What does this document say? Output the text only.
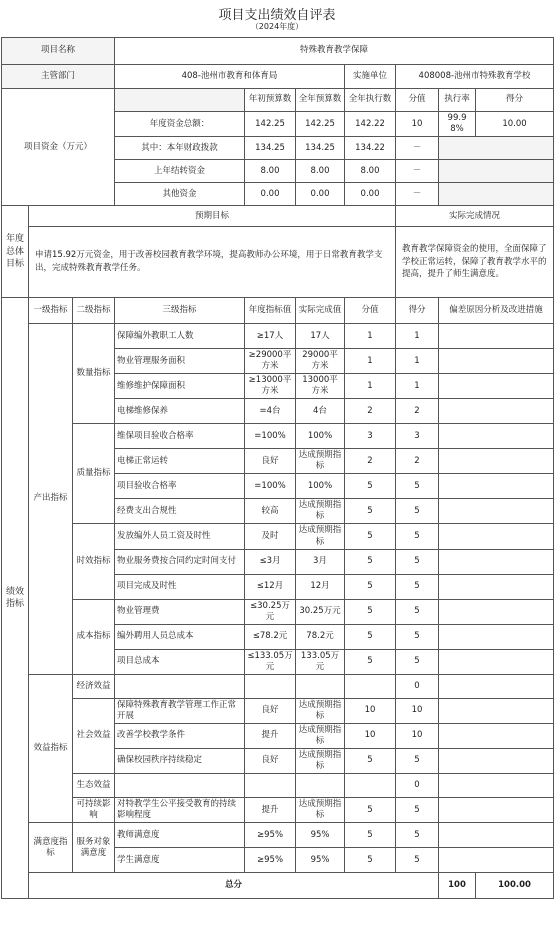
项目支出绩效自评表
（2024年度）
项目名称			特殊教育教学保障							
主管部门			408-池州市教育和体育局			实施单位	408008-池州市特殊教育学校			
项目资金（万元）				年初预算数	全年预算数	全年执行数	分值	执行率	得分	
			年度资金总额：	142.25	142.25	142.22	10	99.98%	10.00	
			其中：本年财政拨款	134.25	134.25	134.22	－			
			上年结转资金	8.00	8.00	8.00	－			
			其他资金	0.00	0.00	0.00	－			
年度总体目标	预期目标						实际完成情况			
	申请15.92万元资金，用于改善校园教育教学环境，提高教师办公环境，用于日常教育教学支出，完成特殊教育教学任务。						教育教学保障资金的使用，全面保障了学校正常运转，保障了教育教学水平的提高，提升了师生满意度。			
绩效指标	一级指标	二级指标	三级指标	年度指标值	实际完成值	分值	得分	偏差原因分析及改进措施		
	产出指标	数量指标	保障编外教职工人数	≥17人	17人	1	1			
			物业管理服务面积	≥29000平方米	29000平方米	1	1			
			维修维护保障面积	≥13000平方米	13000平方米	1	1			
			电梯维修保养	=4台	4台	2	2			
		质量指标	维保项目验收合格率	=100%	100%	3	3			
			电梯正常运转	良好	达成预期指标	2	2			
			项目验收合格率	=100%	100%	5	5			
			经费支出合规性	较高	达成预期指标	5	5			
		时效指标	发放编外人员工资及时性	及时	达成预期指标	5	5			
			物业服务费按合同约定时间支付	≤3月	3月	5	5			
			项目完成及时性	≤12月	12月	5	5			
		成本指标	物业管理费	≤30.25万元	30.25万元	5	5			
			编外聘用人员总成本	≤78.2元	78.2元	5	5			
			项目总成本	≤133.05万元	133.05万元	5	5			
	效益指标	经济效益					0			
		社会效益	保障特殊教育教学管理工作正常开展	良好	达成预期指标	10	10			
			改善学校教学条件	提升	达成预期指标	10	10			
			确保校园秩序持续稳定	良好	达成预期指标	5	5			
		生态效益					0			
		可持续影响	对特教学生公平接受教育的持续影响程度	提升	达成预期指标	5	5			
	满意度指标	服务对象满意度	教师满意度	≥95%	95%	5	5			
			学生满意度	≥95%	95%	5	5			
	总分							100	100.00	
